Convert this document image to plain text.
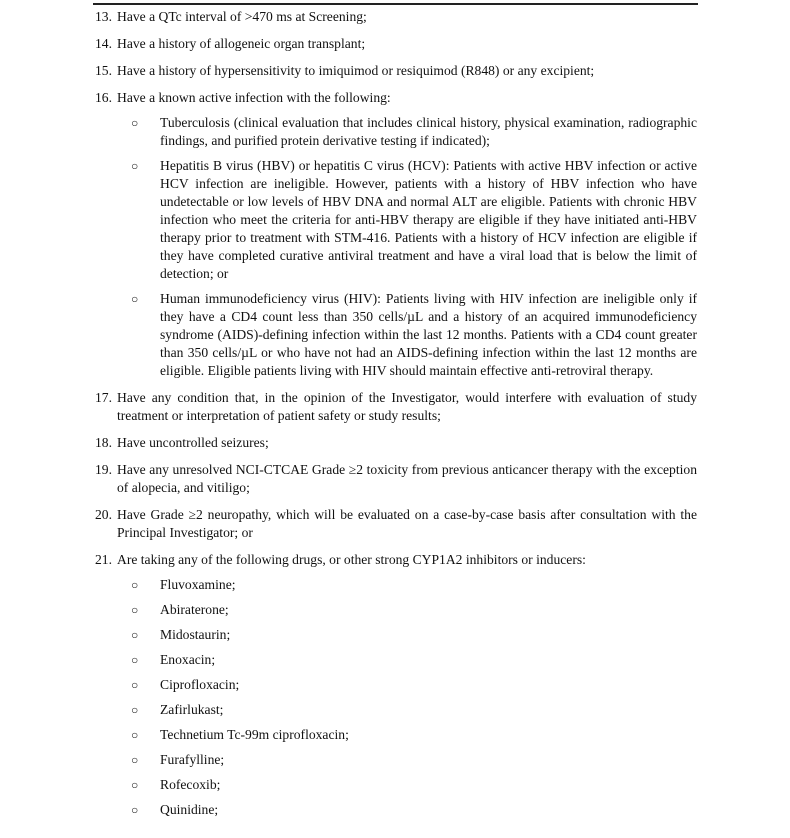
13. Have a QTc interval of >470 ms at Screening;
14. Have a history of allogeneic organ transplant;
15. Have a history of hypersensitivity to imiquimod or resiquimod (R848) or any excipient;
16. Have a known active infection with the following:
○	Tuberculosis (clinical evaluation that includes clinical history, physical examination, radiographic findings, and purified protein derivative testing if indicated);
○	Hepatitis B virus (HBV) or hepatitis C virus (HCV): Patients with active HBV infection or active HCV infection are ineligible. However, patients with a history of HBV infection who have undetectable or low levels of HBV DNA and normal ALT are eligible. Patients with chronic HBV infection who meet the criteria for anti-HBV therapy are eligible if they have initiated anti-HBV therapy prior to treatment with STM-416. Patients with a history of HCV infection are eligible if they have completed curative antiviral treatment and have a viral load that is below the limit of detection; or
○	Human immunodeficiency virus (HIV): Patients living with HIV infection are ineligible only if they have a CD4 count less than 350 cells/µL and a history of an acquired immunodeficiency syndrome (AIDS)-defining infection within the last 12 months. Patients with a CD4 count greater than 350 cells/µL or who have not had an AIDS-defining infection within the last 12 months are eligible. Eligible patients living with HIV should maintain effective anti-retroviral therapy.
17. Have any condition that, in the opinion of the Investigator, would interfere with evaluation of study treatment or interpretation of patient safety or study results;
18. Have uncontrolled seizures;
19. Have any unresolved NCI-CTCAE Grade ≥2 toxicity from previous anticancer therapy with the exception of alopecia, and vitiligo;
20. Have Grade ≥2 neuropathy, which will be evaluated on a case-by-case basis after consultation with the Principal Investigator; or
21. Are taking any of the following drugs, or other strong CYP1A2 inhibitors or inducers:
○	Fluvoxamine;
○	Abiraterone;
○	Midostaurin;
○	Enoxacin;
○	Ciprofloxacin;
○	Zafirlukast;
○	Technetium Tc-99m ciprofloxacin;
○	Furafylline;
○	Rofecoxib;
○	Quinidine;
